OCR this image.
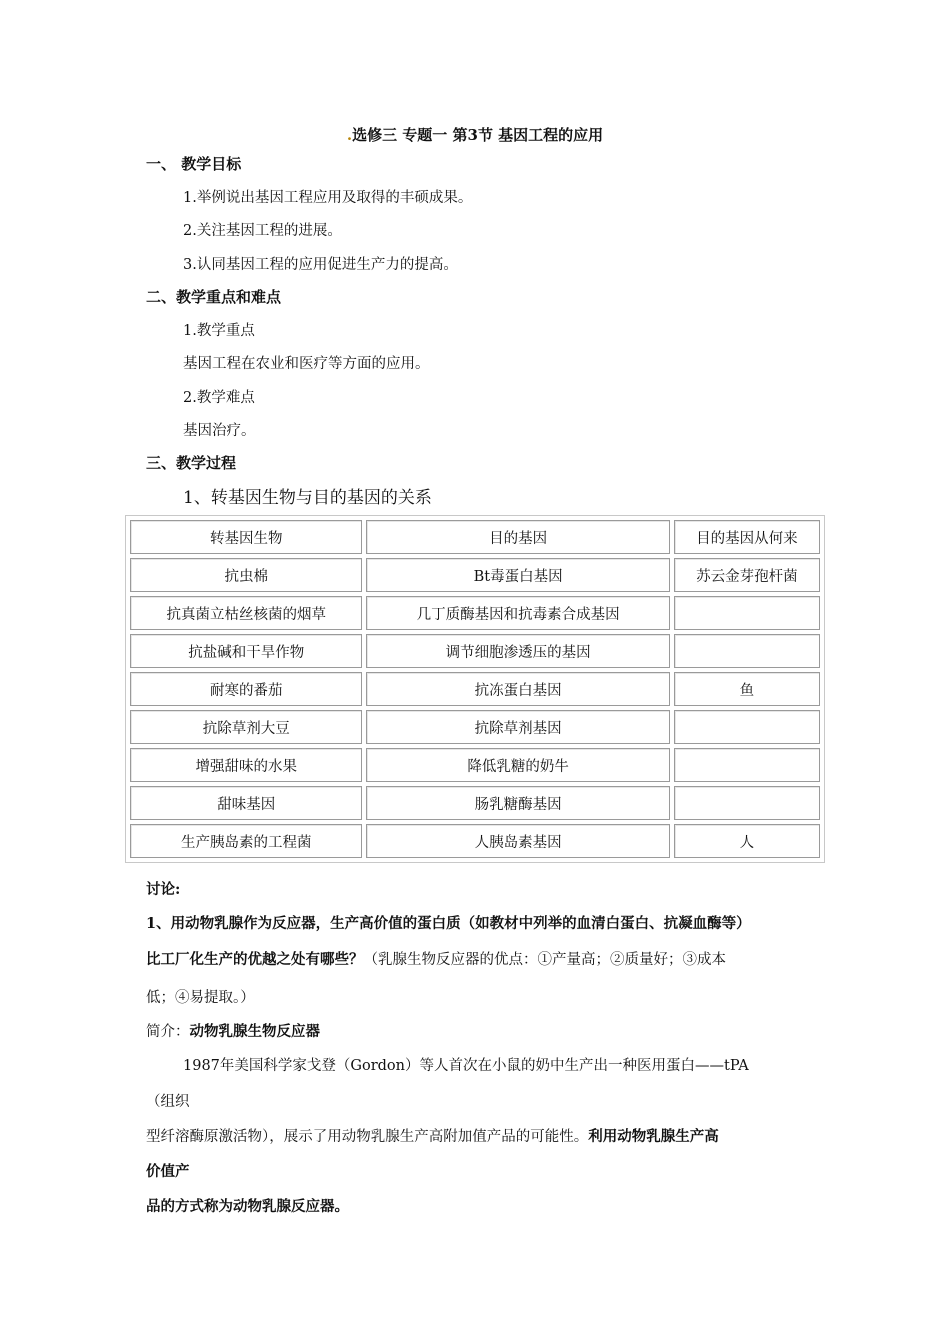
.选修三 专题一 第3节 基因工程的应用
一、 教学目标
1.举例说出基因工程应用及取得的丰硕成果。
2.关注基因工程的进展。
3.认同基因工程的应用促进生产力的提高。
二、教学重点和难点
1.教学重点
基因工程在农业和医疗等方面的应用。
2.教学难点
基因治疗。
三、教学过程
1、转基因生物与目的基因的关系
转基因生物	目的基因	目的基因从何来
抗虫棉	Bt毒蛋白基因	苏云金芽孢杆菌
抗真菌立枯丝核菌的烟草	几丁质酶基因和抗毒素合成基因	
抗盐碱和干旱作物	调节细胞渗透压的基因	
耐寒的番茄	抗冻蛋白基因	鱼
抗除草剂大豆	抗除草剂基因	
增强甜味的水果	降低乳糖的奶牛	
甜味基因	肠乳糖酶基因	
生产胰岛素的工程菌	人胰岛素基因	人
讨论:
1、用动物乳腺作为反应器，生产高价值的蛋白质（如教材中列举的血清白蛋白、抗凝血酶等）
比工厂化生产的优越之处有哪些？（乳腺生物反应器的优点：①产量高；②质量好；③成本
低；④易提取。）
简介：动物乳腺生物反应器
1987年美国科学家戈登（Gordon）等人首次在小鼠的奶中生产出一种医用蛋白——tPA
（组织
型纤溶酶原激活物），展示了用动物乳腺生产高附加值产品的可能性。利用动物乳腺生产高
价值产
品的方式称为动物乳腺反应器。
